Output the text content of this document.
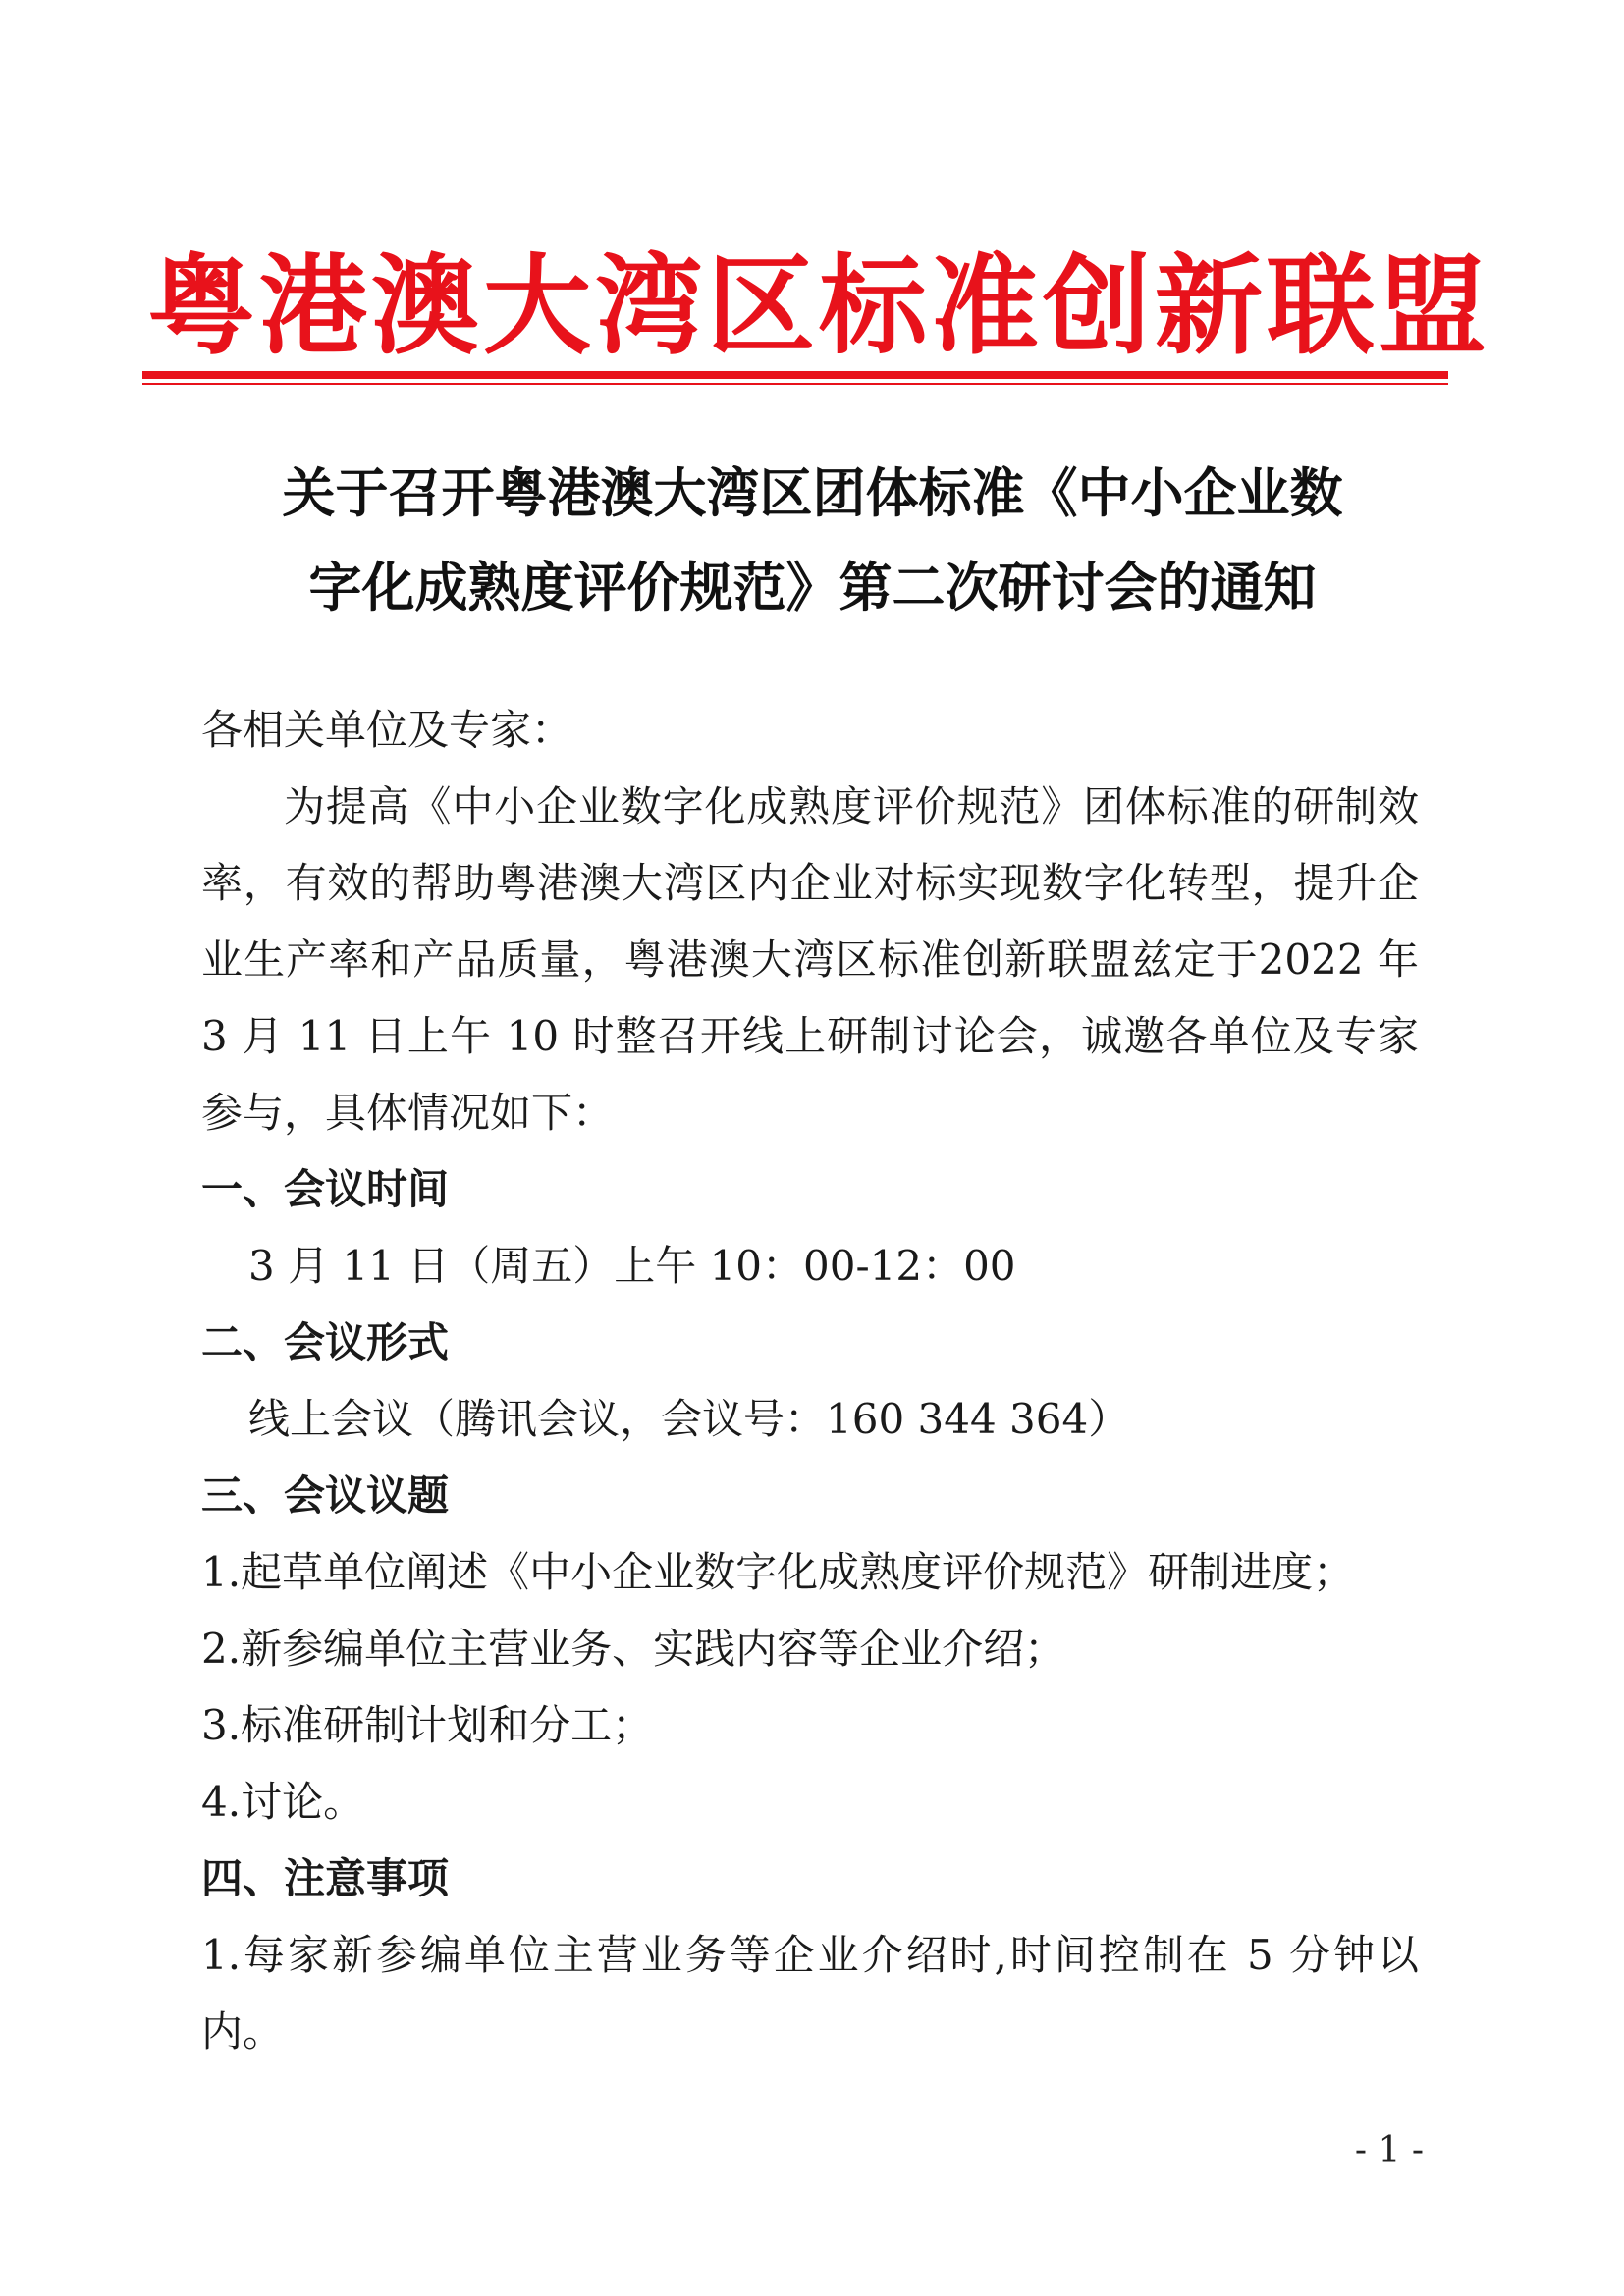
粤港澳大湾区标准创新联盟
关于召开粤港澳大湾区团体标准《中小企业数
字化成熟度评价规范》第二次研讨会的通知

各相关单位及专家：

为提高《中小企业数字化成熟度评价规范》团体标准的研制效率，有效的帮助粤港澳大湾区内企业对标实现数字化转型，提升企业生产率和产品质量，粤港澳大湾区标准创新联盟兹定于2022 年 3 月 11 日上午 10 时整召开线上研制讨论会，诚邀各单位及专家参与，具体情况如下：

一、会议时间

3 月 11 日（周五）上午 10：00-12：00

二、会议形式

线上会议（腾讯会议，会议号：160 344 364）

三、会议议题

1.起草单位阐述《中小企业数字化成熟度评价规范》研制进度；

2.新参编单位主营业务、实践内容等企业介绍；

3.标准研制计划和分工；

4.讨论。

四、注意事项

1.每家新参编单位主营业务等企业介绍时,时间控制在 5 分钟以内。

- 1 -
